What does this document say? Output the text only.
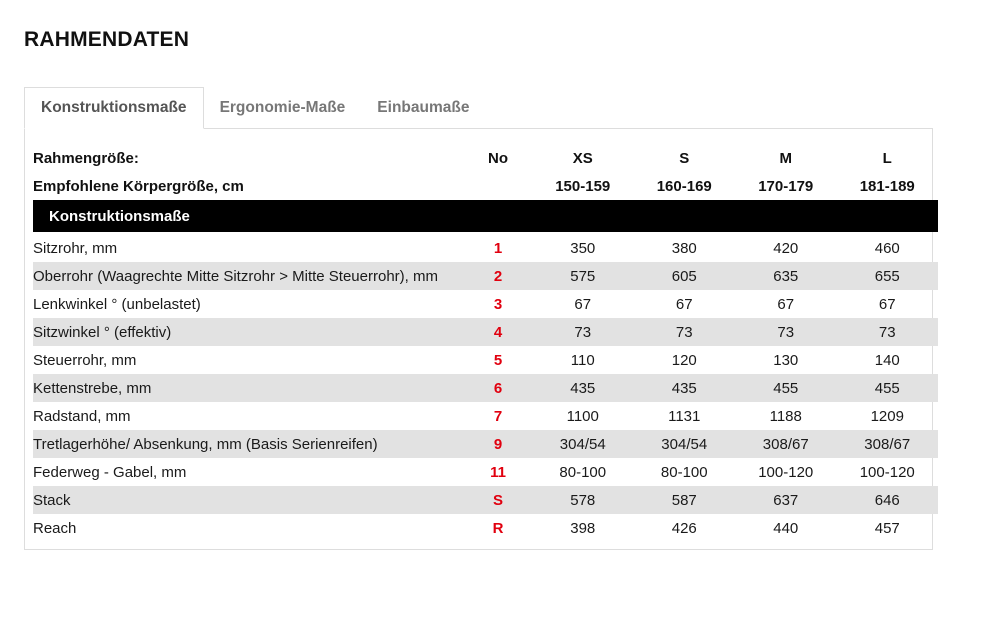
RAHMENDATEN
Konstruktionsmaße	Ergonomie-Maße	Einbaumaße
Rahmengröße:	No	XS	S	M	L
Empfohlene Körpergröße, cm		150-159	160-169	170-179	181-189
Konstruktionsmaße					

Sitzrohr, mm	1	350	380	420	460
Oberrohr (Waagrechte Mitte Sitzrohr > Mitte Steuerrohr), mm	2	575	605	635	655
Lenkwinkel ° (unbelastet)	3	67	67	67	67
Sitzwinkel ° (effektiv)	4	73	73	73	73
Steuerrohr, mm	5	110	120	130	140
Kettenstrebe, mm	6	435	435	455	455
Radstand, mm	7	1100	1131	1188	1209
Tretlagerhöhe/ Absenkung, mm (Basis Serienreifen)	9	304/54	304/54	308/67	308/67
Federweg - Gabel, mm	11	80-100	80-100	100-120	100-120
Stack	S	578	587	637	646
Reach	R	398	426	440	457
